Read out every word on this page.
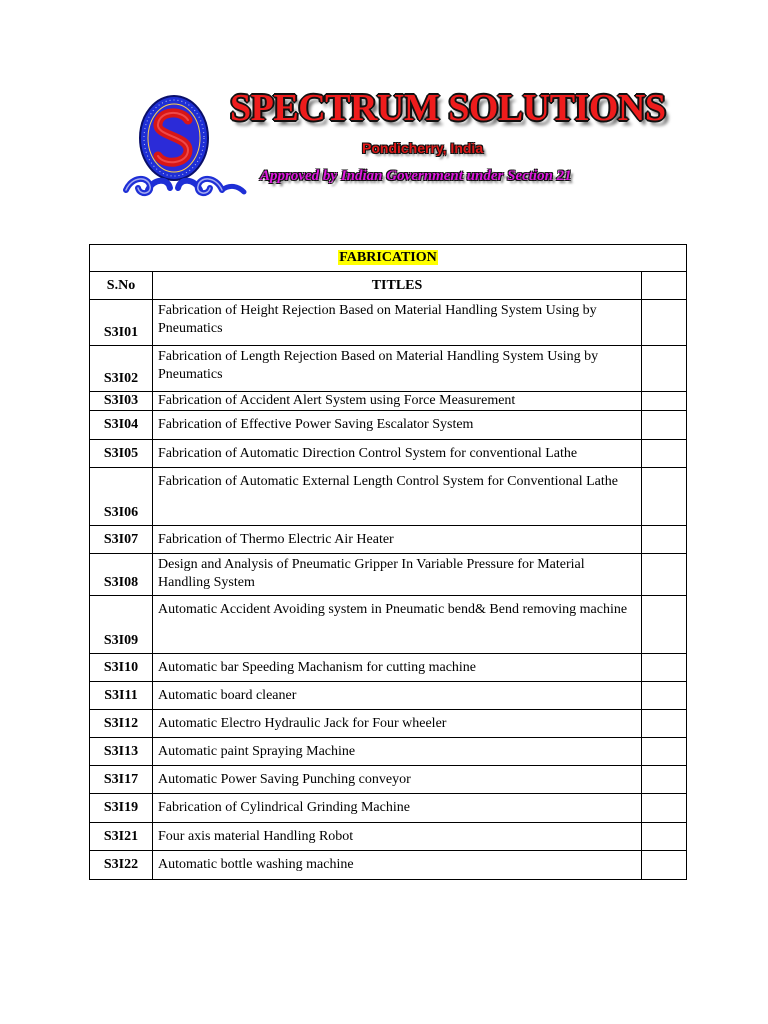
SPECTRUM SOLUTIONS
Pondicherry, India
Approved by Indian Government under Section 21
FABRICATION		
S.No	TITLES	
S3I01	Fabrication of Height Rejection Based on Material Handling System Using by Pneumatics	
S3I02	Fabrication of Length Rejection Based on Material Handling System Using by Pneumatics	
S3I03	Fabrication of Accident Alert System using Force Measurement	
S3I04	Fabrication of Effective Power Saving Escalator System	
S3I05	Fabrication of Automatic Direction Control System for conventional Lathe	
S3I06	Fabrication of Automatic External Length Control System for Conventional Lathe	
S3I07	Fabrication of Thermo Electric Air Heater	
S3I08	Design and Analysis of Pneumatic Gripper In Variable Pressure for Material Handling System	
S3I09	Automatic Accident Avoiding system in Pneumatic bend& Bend removing machine	
S3I10	Automatic bar Speeding Machanism for cutting machine	
S3I11	Automatic board cleaner	
S3I12	Automatic Electro Hydraulic Jack for Four wheeler	
S3I13	Automatic paint Spraying Machine	
S3I17	Automatic Power Saving Punching conveyor	
S3I19	Fabrication of Cylindrical Grinding Machine	
S3I21	Four axis material Handling Robot	
S3I22	Automatic bottle washing machine	
